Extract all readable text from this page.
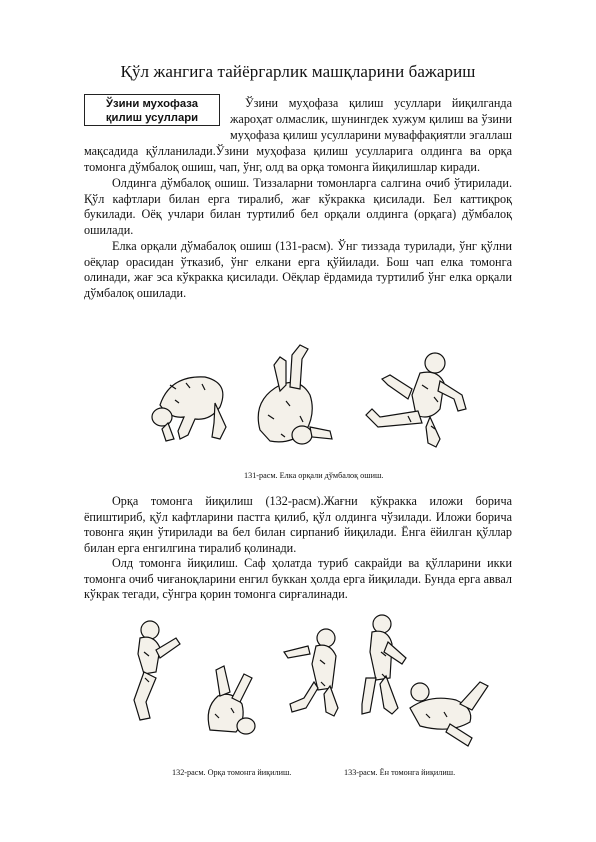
Қўл жангига тайёргарлик машқларини бажариш
Ўзини мухофаза
қилиш усуллари
Ўзини муҳофаза қилиш усуллари йиқилганда
жароҳат олмаслик, шунингдек хужум қилиш ва ўзини
муҳофаза қилиш усулларини муваффақиятли эгаллаш
мақсадида қўлланилади.Ўзини муҳофаза қилиш усулларига олдинга ва орқа
томонга дўмбалоқ ошиш, чап, ўнг, олд ва орқа томонга йиқилишлар киради.

Олдинга дўмбалоқ ошиш. Тиззаларни томонларга салгина очиб ўтирилади. Қўл кафтлари билан ерга тиралиб, жағ кўкракка қисилади. Бел каттиқроқ букилади. Оёқ учлари билан туртилиб бел орқали олдинга (орқага) дўмбалоқ ошилади.

Елка орқали дўмабалоқ ошиш (131-расм). Ўнг тиззада турилади, ўнг қўлни оёқлар орасидан ўтказиб, ўнг елкани ерга қўйилади. Бош чап елка томонга олинади, жағ эса кўкракка қисилади. Оёқлар ёрдамида туртилиб ўнг елка орқали дўмбалоқ ошилади.

131-расм. Елка орқали дўмбалоқ ошиш.

Орқа томонга йиқилиш (132-расм).Жағни кўкракка иложи борича ёпиштириб, қўл кафтларини пастга қилиб, қўл олдинга чўзилади. Иложи борича товонга яқин ўтирилади ва бел билан сирпаниб йиқилади. Ёнга ёйилган қўллар билан ерга енгилгина тиралиб қолинади.

Олд томонга йиқилиш. Саф ҳолатда туриб сакрайди ва қўлларини икки томонга очиб чиғаноқларини енгил буккан ҳолда ерга йиқилади. Бунда ерга аввал кўкрак тегади, сўнгра қорин томонга сирғалинади.

132-расм. Орқа томонга йиқилиш.	133-расм. Ён томонга йиқилиш.
